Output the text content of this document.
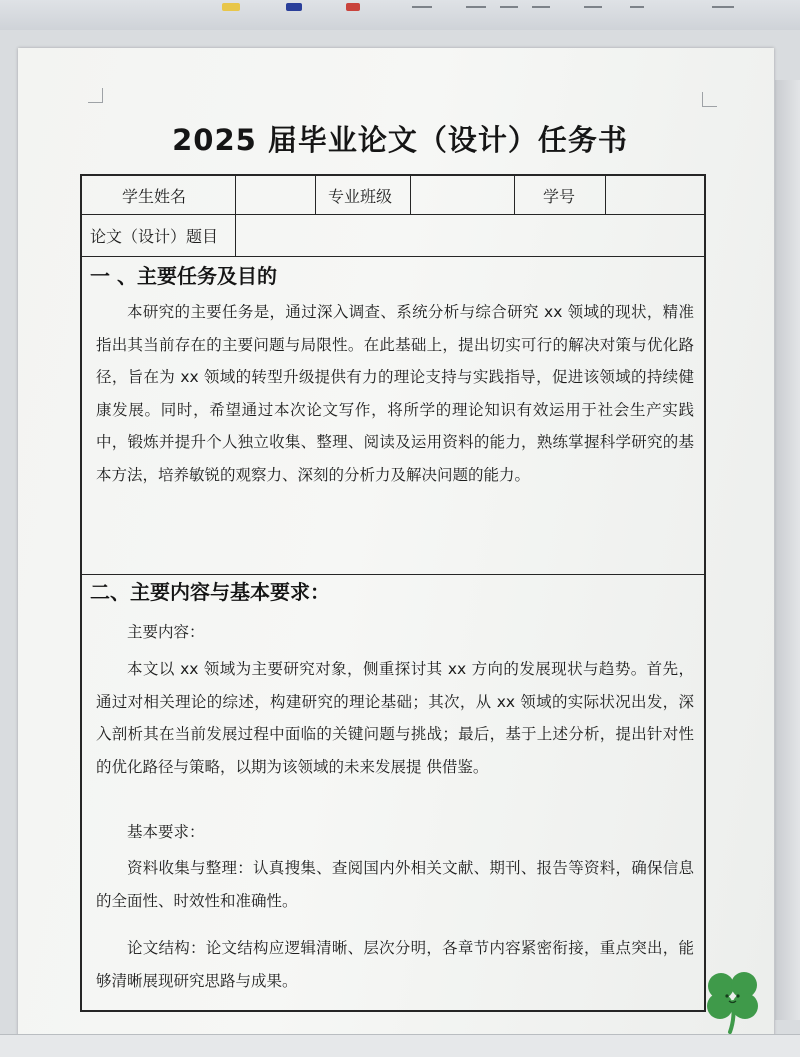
2025 届毕业论文（设计）任务书
学生姓名	专业班级	学号
论文（设计）题目
一 、主要任务及目的
本研究的主要任务是，通过深入调查、系统分析与综合研究 xx 领域的现状，精准指出其当前存在的主要问题与局限性。在此基础上，提出切实可行的解决对策与优化路径，旨在为 xx 领域的转型升级提供有力的理论支持与实践指导，促进该领域的持续健康发展。同时，希望通过本次论文写作，将所学的理论知识有效运用于社会生产实践中，锻炼并提升个人独立收集、整理、阅读及运用资料的能力，熟练掌握科学研究的基本方法，培养敏锐的观察力、深刻的分析力及解决问题的能力。
二、主要内容与基本要求：
主要内容：
本文以 xx 领域为主要研究对象，侧重探讨其 xx 方向的发展现状与趋势。首先，通过对相关理论的综述，构建研究的理论基础；其次，从 xx 领域的实际状况出发，深入剖析其在当前发展过程中面临的关键问题与挑战；最后，基于上述分析，提出针对性的优化路径与策略，以期为该领域的未来发展提 供借鉴。
基本要求：
资料收集与整理：认真搜集、查阅国内外相关文献、期刊、报告等资料，确保信息的全面性、时效性和准确性。
论文结构：论文结构应逻辑清晰、层次分明，各章节内容紧密衔接，重点突出，能够清晰展现研究思路与成果。
